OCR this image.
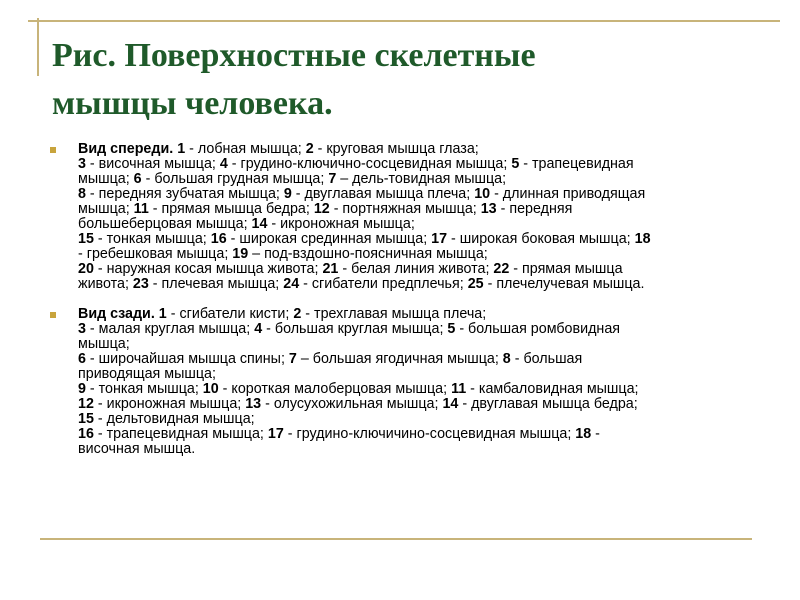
Рис. Поверхностные скелетные
мышцы человека.
Вид спереди. 1 - лобная мышца; 2 - круговая мышца глаза;
3 - височная мышца; 4 - грудино-ключично-сосцевидная мышца; 5 - трапецевидная
мышца; 6 - большая грудная мышца; 7 – дель-товидная мышца;
8 - передняя зубчатая мышца; 9 - двуглавая мышца плеча; 10 - длинная приводящая
мышца; 11 - прямая мышца бедра; 12 - портняжная мышца; 13 - передняя
большеберцовая мышца; 14 - икроножная мышца;
15 - тонкая мышца; 16 - широкая срединная мышца; 17 - широкая боковая мышца; 18
- гребешковая мышца; 19 – под-вздошно-поясничная мышца;
20 - наружная косая мышца живота; 21 - белая линия живота; 22 - прямая мышца
живота; 23 - плечевая мышца; 24 - сгибатели предплечья; 25 - плечелучевая мышца.
Вид сзади. 1 - сгибатели кисти; 2 - трехглавая мышца плеча;
3 - малая круглая мышца; 4 - большая круглая мышца; 5 - большая ромбовидная
мышца;
6 - широчайшая мышца спины; 7 – большая ягодичная мышца; 8 - большая
приводящая мышца;
9 - тонкая мышца; 10 - короткая малоберцовая мышца; 11 - камбаловидная мышца;
12 - икроножная мышца; 13 - олусухожильная мышца; 14 - двуглавая мышца бедра;
15 - дельтовидная мышца;
16 - трапецевидная мышца; 17 - грудино-ключичино-сосцевидная мышца; 18 -
височная мышца.
